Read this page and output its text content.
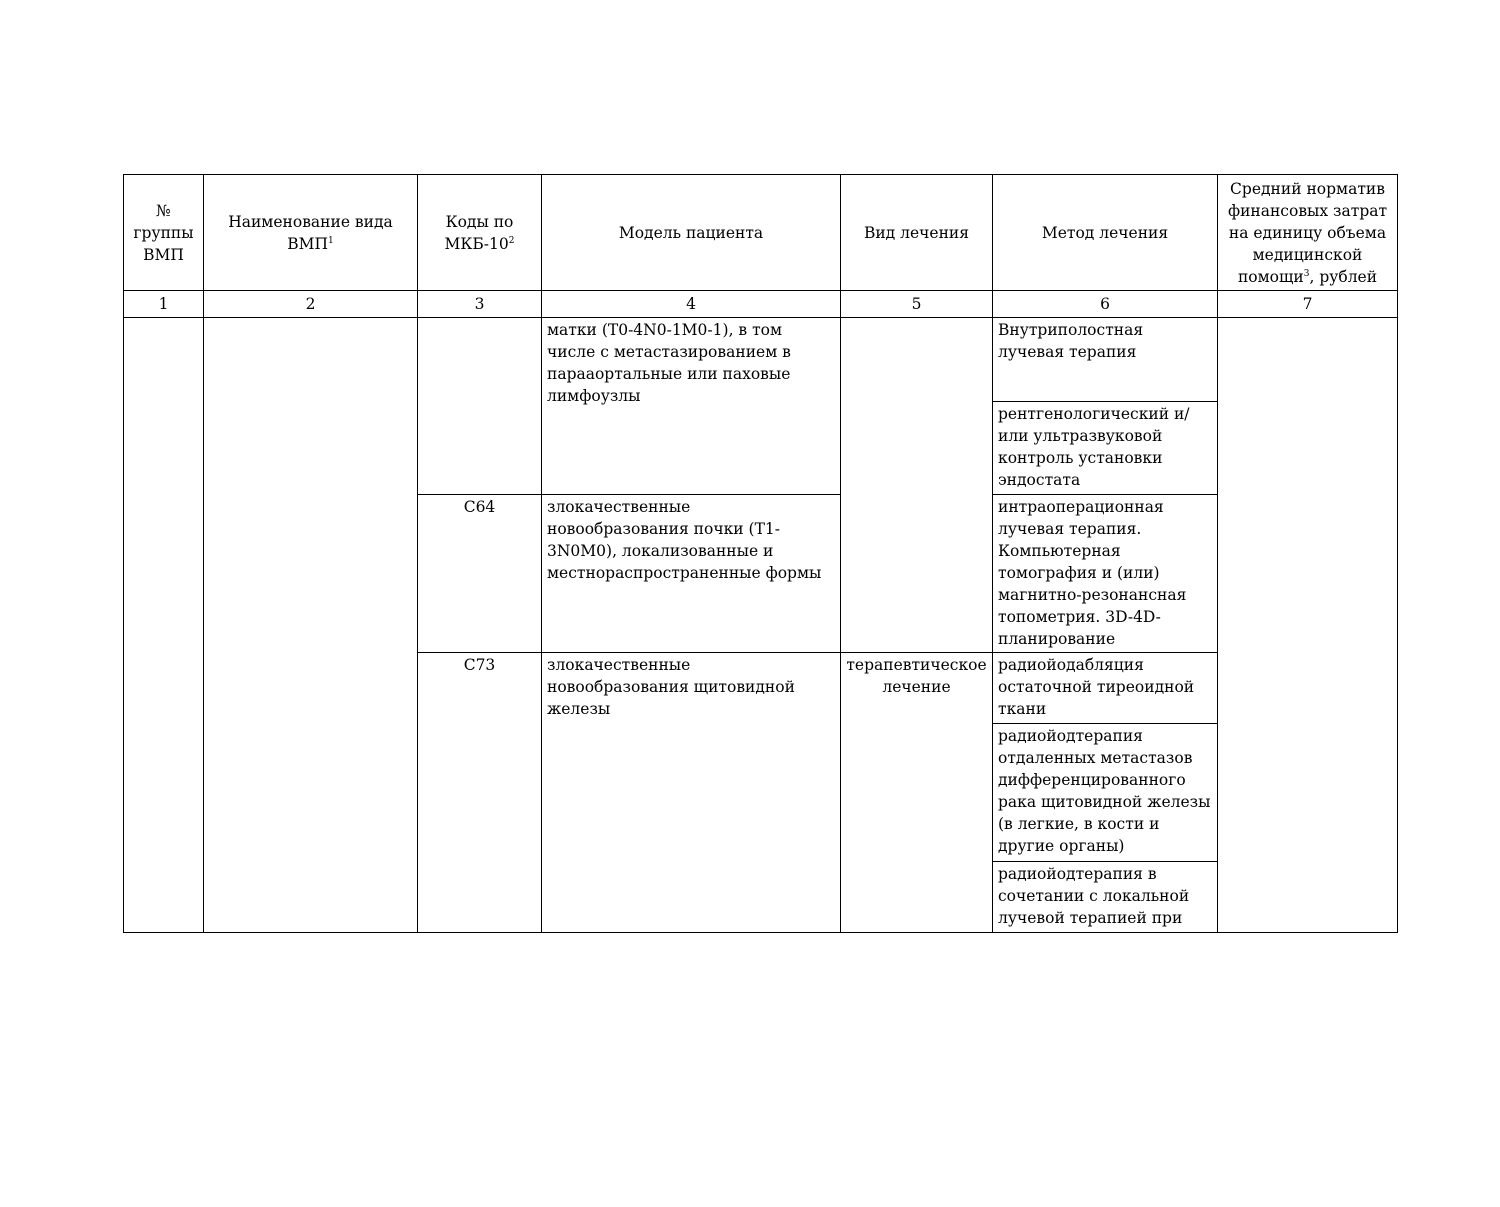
№ группы ВМП	Наименование вида ВМП$^1$	Коды по МКБ-$10^2$	Модель пациента	Вид лечения	Метод лечения	Средний норматив финансовых затрат на единицу объема медицинской помощи$^3$, рублей
1	2	3	4	5	6	7
			матки (T0-4N0-1M0-1), в том числе с метастазированием в парааортальные или паховые лимфоузлы		Внутриполостная лучевая терапия	
					рентгенологический и/или ультразвуковой контроль установки эндостата	
		C64	злокачественные новообразования почки (T1-3N0M0), локализованные и местнораспространенные формы		интраоперационная лучевая терапия. Компьютерная томография и (или) магнитно-резонансная топометрия. 3D-4D-планирование	
		C73	злокачественные новообразования щитовидной железы	терапевтическое лечение	радиойодабляция остаточной тиреоидной ткани	
					радиойодтерапия отдаленных метастазов дифференцированного рака щитовидной железы (в легкие, в кости и другие органы)	
					радиойодтерапия в сочетании с локальной лучевой терапией при	
